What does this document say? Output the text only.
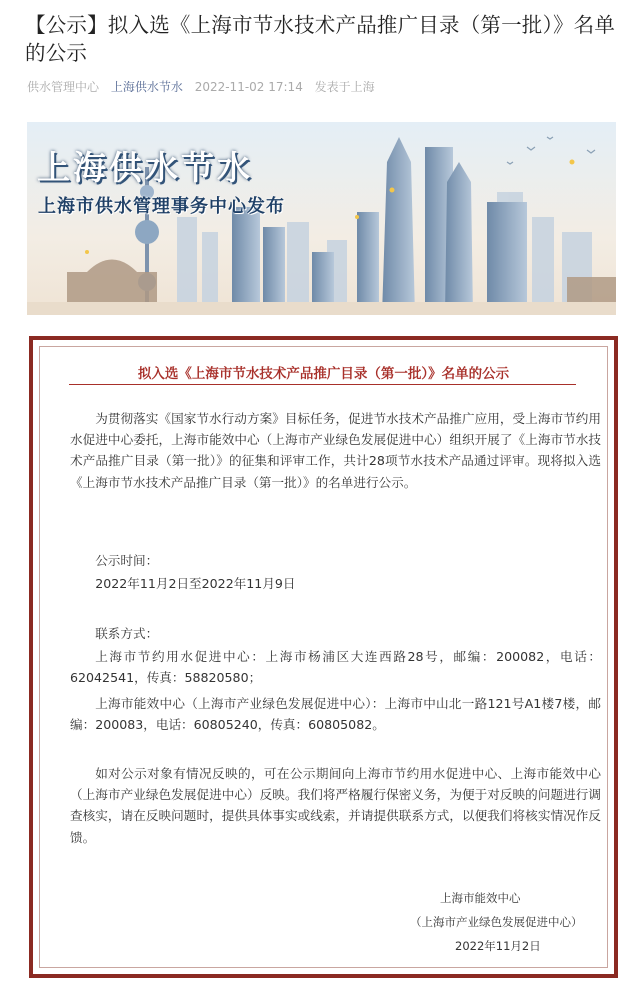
【公示】拟入选《上海市节水技术产品推广目录（第一批）》名单的公示
供水管理中心 上海供水节水 2022-11-02 17:14 发表于上海
上海供水节水
上海市供水管理事务中心发布
拟入选《上海市节水技术产品推广目录（第一批）》名单的公示
为贯彻落实《国家节水行动方案》目标任务，促进节水技术产品推广应用，受上海市节约用水促进中心委托，上海市能效中心（上海市产业绿色发展促进中心）组织开展了《上海市节水技术产品推广目录（第一批）》的征集和评审工作，共计28项节水技术产品通过评审。现将拟入选《上海市节水技术产品推广目录（第一批）》的名单进行公示。
公示时间：
2022年11月2日至2022年11月9日
联系方式：
上海市节约用水促进中心：上海市杨浦区大连西路28号，邮编：200082，电话：62042541，传真：58820580；
上海市能效中心（上海市产业绿色发展促进中心）：上海市中山北一路121号A1楼7楼，邮编：200083，电话：60805240，传真：60805082。
如对公示对象有情况反映的，可在公示期间向上海市节约用水促进中心、上海市能效中心（上海市产业绿色发展促进中心）反映。我们将严格履行保密义务，为便于对反映的问题进行调查核实，请在反映问题时，提供具体事实或线索，并请提供联系方式，以便我们将核实情况作反馈。
上海市能效中心
（上海市产业绿色发展促进中心）
2022年11月2日
